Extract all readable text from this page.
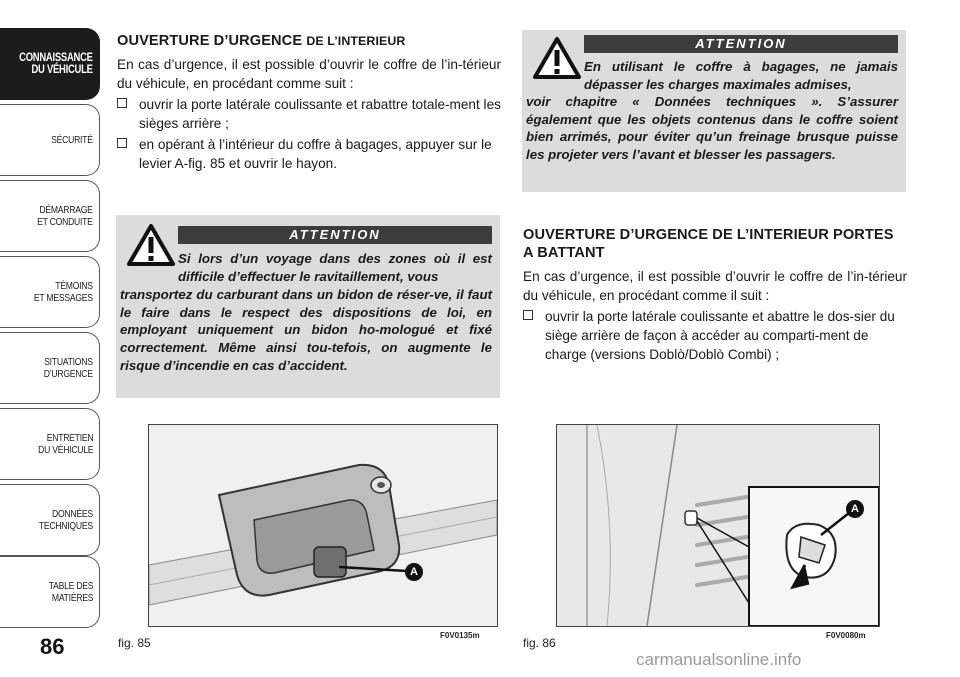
CONNAISSANCE
DU VÉHICULE
SÉCURITÉ
DÉMARRAGE
ET CONDUITE
TÉMOINS
ET MESSAGES
SITUATIONS
D’URGENCE
ENTRETIEN
DU VÉHICULE
DONNÉES
TECHNIQUES
TABLE DES
MATIÈRES
86
OUVERTURE D’URGENCE DE L’INTERIEUR

En cas d’urgence, il est possible d’ouvrir le coffre de l’in-térieur du véhicule, en procédant comme suit :

ouvrir la porte latérale coulissante et rabattre totale-ment les sièges arrière ;
en opérant à l’intérieur du coffre à bagages, appuyer sur le levier A-fig. 85 et ouvrir le hayon.
ATTENTION
Si lors d’un voyage dans des zones où il est difficile d’effectuer le ravitaillement, vous
transportez du carburant dans un bidon de réser-ve, il faut le faire dans le respect des dispositions de loi, en employant uniquement un bidon ho-mologué et fixé correctement. Même ainsi tou-tefois, on augmente le risque d’incendie en cas d’accident.
ATTENTION
En utilisant le coffre à bagages, ne jamais dépasser les charges maximales admises,
voir chapitre « Données techniques ». S’assurer également que les objets contenus dans le coffre soient bien arrimés, pour éviter qu’un freinage brusque puisse les projeter vers l’avant et blesser les passagers.
OUVERTURE D’URGENCE DE L’INTERIEUR PORTES A BATTANT

En cas d’urgence, il est possible d’ouvrir le coffre de l’in-térieur du véhicule, en procédant comme il suit :

ouvrir la porte latérale coulissante et abattre le dos-sier du siège arrière de façon à accéder au comparti-ment de charge (versions Doblò/Doblò Combi) ;
A
fig. 85
F0V0135m
A
fig. 86
F0V0080m
carmanualsonline.info
